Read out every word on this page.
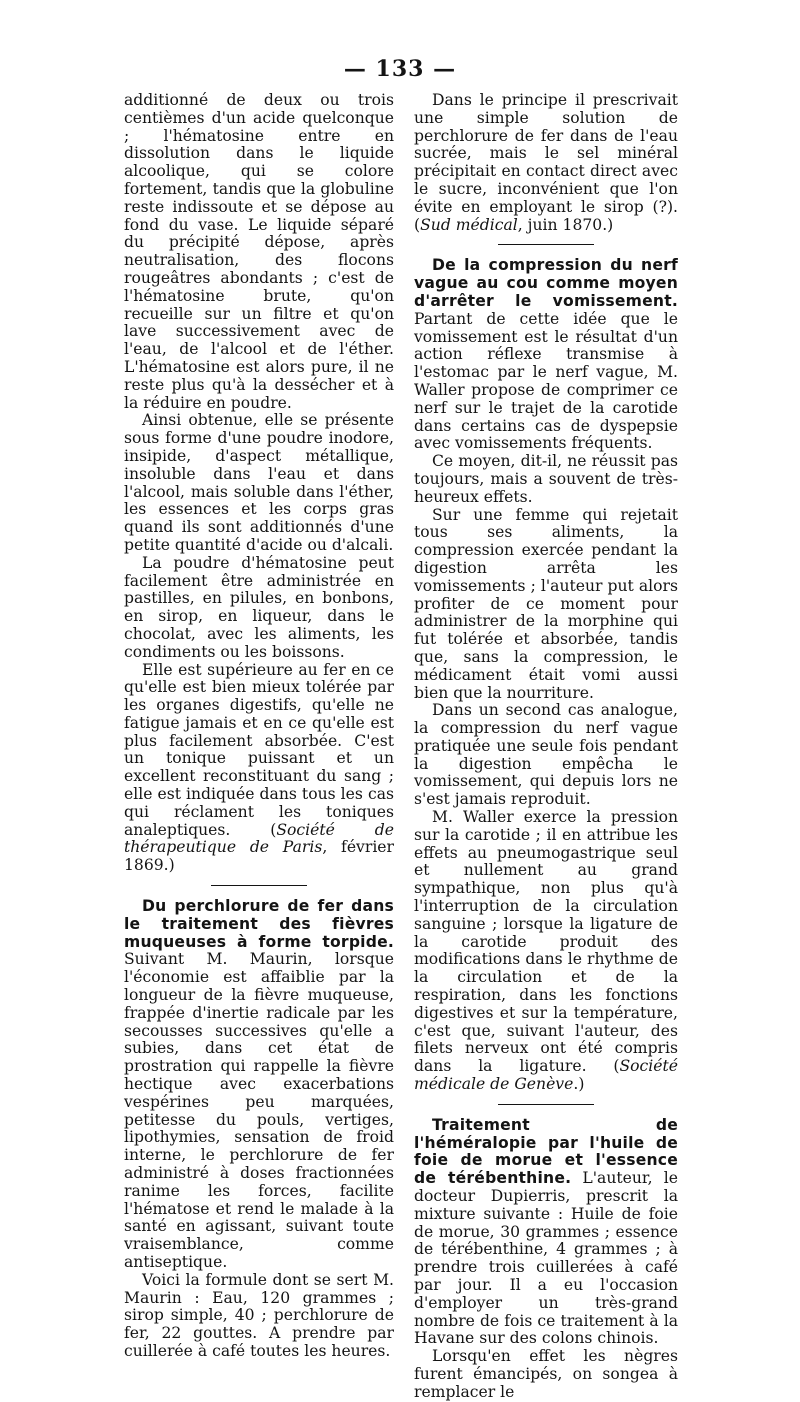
— 133 —

additionné de deux ou trois centièmes d'un acide quelconque ; l'hématosine entre en dissolution dans le liquide alcoolique, qui se colore fortement, tandis que la globuline reste indissoute et se dépose au fond du vase. Le liquide séparé du précipité dépose, après neutralisation, des flocons rougeâtres abondants ; c'est de l'hématosine brute, qu'on recueille sur un filtre et qu'on lave successivement avec de l'eau, de l'alcool et de l'éther. L'hématosine est alors pure, il ne reste plus qu'à la dessécher et à la réduire en poudre.

Ainsi obtenue, elle se présente sous forme d'une poudre inodore, insipide, d'aspect métallique, insoluble dans l'eau et dans l'alcool, mais soluble dans l'éther, les essences et les corps gras quand ils sont additionnés d'une petite quantité d'acide ou d'alcali.

La poudre d'hématosine peut facilement être administrée en pastilles, en pilules, en bonbons, en sirop, en liqueur, dans le chocolat, avec les aliments, les condiments ou les boissons.

Elle est supérieure au fer en ce qu'elle est bien mieux tolérée par les organes digestifs, qu'elle ne fatigue jamais et en ce qu'elle est plus facilement absorbée. C'est un tonique puissant et un excellent reconstituant du sang ; elle est indiquée dans tous les cas qui réclament les toniques analeptiques. (Société de thérapeutique de Paris, février 1869.)

Du perchlorure de fer dans le traitement des fièvres muqueuses à forme torpide. Suivant M. Maurin, lorsque l'économie est affaiblie par la longueur de la fièvre muqueuse, frappée d'inertie radicale par les secousses successives qu'elle a subies, dans cet état de prostration qui rappelle la fièvre hectique avec exacerbations vespérines peu marquées, petitesse du pouls, vertiges, lipothymies, sensation de froid interne, le perchlorure de fer administré à doses fractionnées ranime les forces, facilite l'hématose et rend le malade à la santé en agissant, suivant toute vraisemblance, comme antiseptique.

Voici la formule dont se sert M. Maurin : Eau, 120 grammes ; sirop simple, 40 ; perchlorure de fer, 22 gouttes. A prendre par cuillerée à café toutes les heures.

Dans le principe il prescrivait une simple solution de perchlorure de fer dans de l'eau sucrée, mais le sel minéral précipitait en contact direct avec le sucre, inconvénient que l'on évite en employant le sirop (?). (Sud médical, juin 1870.)

De la compression du nerf vague au cou comme moyen d'arrêter le vomissement. Partant de cette idée que le vomissement est le résultat d'un action réflexe transmise à l'estomac par le nerf vague, M. Waller propose de comprimer ce nerf sur le trajet de la carotide dans certains cas de dyspepsie avec vomissements fréquents.

Ce moyen, dit-il, ne réussit pas toujours, mais a souvent de très-heureux effets.

Sur une femme qui rejetait tous ses aliments, la compression exercée pendant la digestion arrêta les vomissements ; l'auteur put alors profiter de ce moment pour administrer de la morphine qui fut tolérée et absorbée, tandis que, sans la compression, le médicament était vomi aussi bien que la nourriture.

Dans un second cas analogue, la compression du nerf vague pratiquée une seule fois pendant la digestion empêcha le vomissement, qui depuis lors ne s'est jamais reproduit.

M. Waller exerce la pression sur la carotide ; il en attribue les effets au pneumogastrique seul et nullement au grand sympathique, non plus qu'à l'interruption de la circulation sanguine ; lorsque la ligature de la carotide produit des modifications dans le rhythme de la circulation et de la respiration, dans les fonctions digestives et sur la température, c'est que, suivant l'auteur, des filets nerveux ont été compris dans la ligature. (Société médicale de Genève.)

Traitement de l'héméralopie par l'huile de foie de morue et l'essence de térébenthine. L'auteur, le docteur Dupierris, prescrit la mixture suivante : Huile de foie de morue, 30 grammes ; essence de térébenthine, 4 grammes ; à prendre trois cuillerées à café par jour. Il a eu l'occasion d'employer un très-grand nombre de fois ce traitement à la Havane sur des colons chinois.

Lorsqu'en effet les nègres furent émancipés, on songea à remplacer le
